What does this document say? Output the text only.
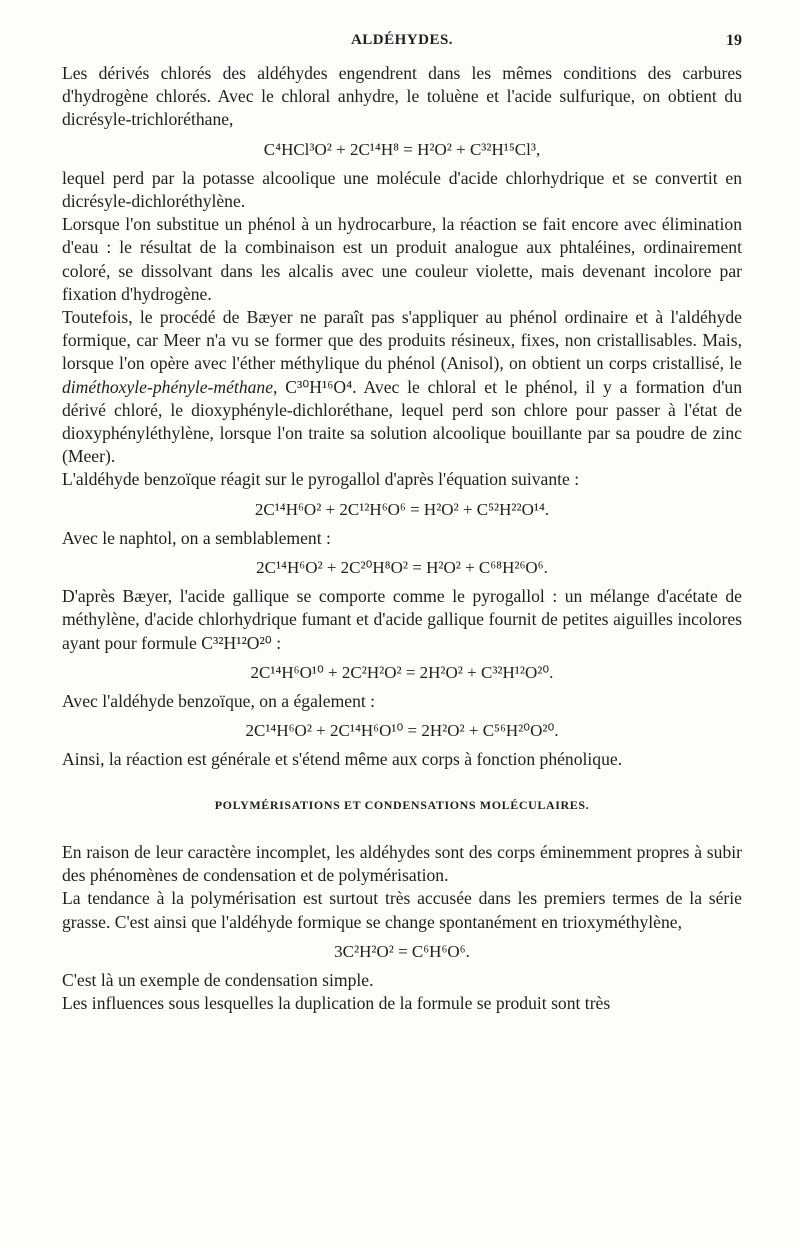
ALDÉHYDES.	19

Les dérivés chlorés des aldéhydes engendrent dans les mêmes conditions des carbures d'hydrogène chlorés. Avec le chloral anhydre, le toluène et l'acide sulfurique, on obtient du dicrésyle-trichloréthane,

C⁴HCl³O² + 2C¹⁴H⁸ = H²O² + C³²H¹⁵Cl³,

lequel perd par la potasse alcoolique une molécule d'acide chlorhydrique et se convertit en dicrésyle-dichloréthylène.

Lorsque l'on substitue un phénol à un hydrocarbure, la réaction se fait encore avec élimination d'eau : le résultat de la combinaison est un produit analogue aux phtaléines, ordinairement coloré, se dissolvant dans les alcalis avec une couleur violette, mais devenant incolore par fixation d'hydrogène.

Toutefois, le procédé de Bæyer ne paraît pas s'appliquer au phénol ordinaire et à l'aldéhyde formique, car Meer n'a vu se former que des produits résineux, fixes, non cristallisables. Mais, lorsque l'on opère avec l'éther méthylique du phénol (Anisol), on obtient un corps cristallisé, le diméthoxyle-phényle-méthane, C³⁰H¹⁶O⁴. Avec le chloral et le phénol, il y a formation d'un dérivé chloré, le dioxyphényle-dichloréthane, lequel perd son chlore pour passer à l'état de dioxyphényléthylène, lorsque l'on traite sa solution alcoolique bouillante par sa poudre de zinc (Meer).

L'aldéhyde benzoïque réagit sur le pyrogallol d'après l'équation suivante :

2C¹⁴H⁶O² + 2C¹²H⁶O⁶ = H²O² + C⁵²H²²O¹⁴.

Avec le naphtol, on a semblablement :

2C¹⁴H⁶O² + 2C²⁰H⁸O² = H²O² + C⁶⁸H²⁶O⁶.

D'après Bæyer, l'acide gallique se comporte comme le pyrogallol : un mélange d'acétate de méthylène, d'acide chlorhydrique fumant et d'acide gallique fournit de petites aiguilles incolores ayant pour formule C³²H¹²O²⁰ :

2C¹⁴H⁶O¹⁰ + 2C²H²O² = 2H²O² + C³²H¹²O²⁰.

Avec l'aldéhyde benzoïque, on a également :

2C¹⁴H⁶O² + 2C¹⁴H⁶O¹⁰ = 2H²O² + C⁵⁶H²⁰O²⁰.

Ainsi, la réaction est générale et s'étend même aux corps à fonction phénolique.

POLYMÉRISATIONS ET CONDENSATIONS MOLÉCULAIRES.

En raison de leur caractère incomplet, les aldéhydes sont des corps éminemment propres à subir des phénomènes de condensation et de polymérisation.

La tendance à la polymérisation est surtout très accusée dans les premiers termes de la série grasse. C'est ainsi que l'aldéhyde formique se change spontanément en trioxyméthylène,

3C²H²O² = C⁶H⁶O⁶.

C'est là un exemple de condensation simple.

Les influences sous lesquelles la duplication de la formule se produit sont très
